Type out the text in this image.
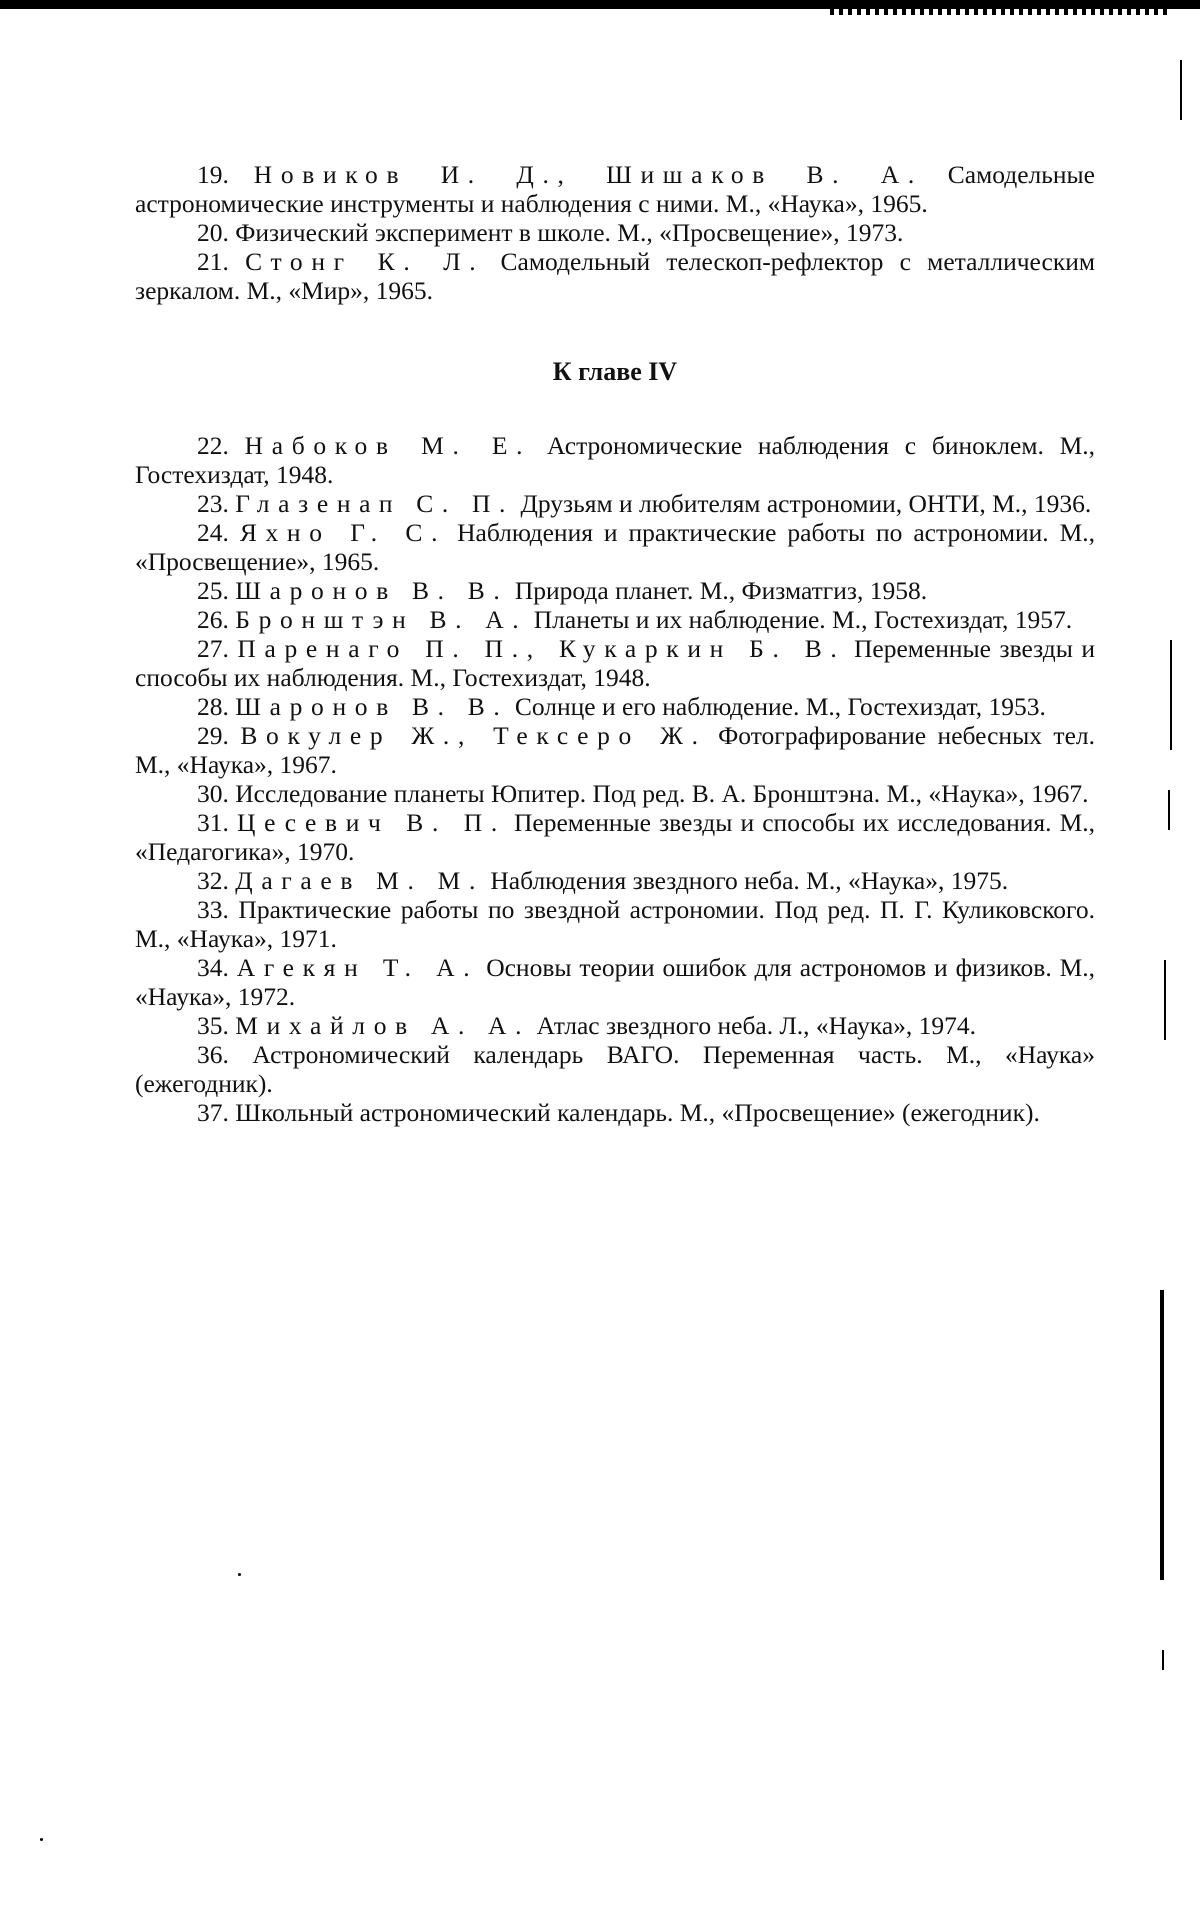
19. Новиков И. Д., Шишаков В. А. Самодельные астрономические инструменты и наблюдения с ними. М., «Наука», 1965.
20. Физический эксперимент в школе. М., «Просвещение», 1973.
21. Стонг К. Л. Самодельный телескоп-рефлектор с металлическим зеркалом. М., «Мир», 1965.
К главе IV
22. Набоков М. Е. Астрономические наблюдения с биноклем. М., Гостехиздат, 1948.
23. Глазенап С. П. Друзьям и любителям астрономии, ОНТИ, М., 1936.
24. Яхно Г. С. Наблюдения и практические работы по астрономии. М., «Просвещение», 1965.
25. Шаронов В. В. Природа планет. М., Физматгиз, 1958.
26. Бронштэн В. А. Планеты и их наблюдение. М., Гостехиздат, 1957.
27. Паренаго П. П., Кукаркин Б. В. Переменные звезды и способы их наблюдения. М., Гостехиздат, 1948.
28. Шаронов В. В. Солнце и его наблюдение. М., Гостехиздат, 1953.
29. Вокулер Ж., Тексеро Ж. Фотографирование небесных тел. М., «Наука», 1967.
30. Исследование планеты Юпитер. Под ред. В. А. Бронштэна. М., «Наука», 1967.
31. Цесевич В. П. Переменные звезды и способы их исследования. М., «Педагогика», 1970.
32. Дагаев М. М. Наблюдения звездного неба. М., «Наука», 1975.
33. Практические работы по звездной астрономии. Под ред. П. Г. Куликовского. М., «Наука», 1971.
34. Агекян Т. А. Основы теории ошибок для астрономов и физиков. М., «Наука», 1972.
35. Михайлов А. А. Атлас звездного неба. Л., «Наука», 1974.
36. Астрономический календарь ВАГО. Переменная часть. М., «Наука» (ежегодник).
37. Школьный астрономический календарь. М., «Просвещение» (ежегодник).
